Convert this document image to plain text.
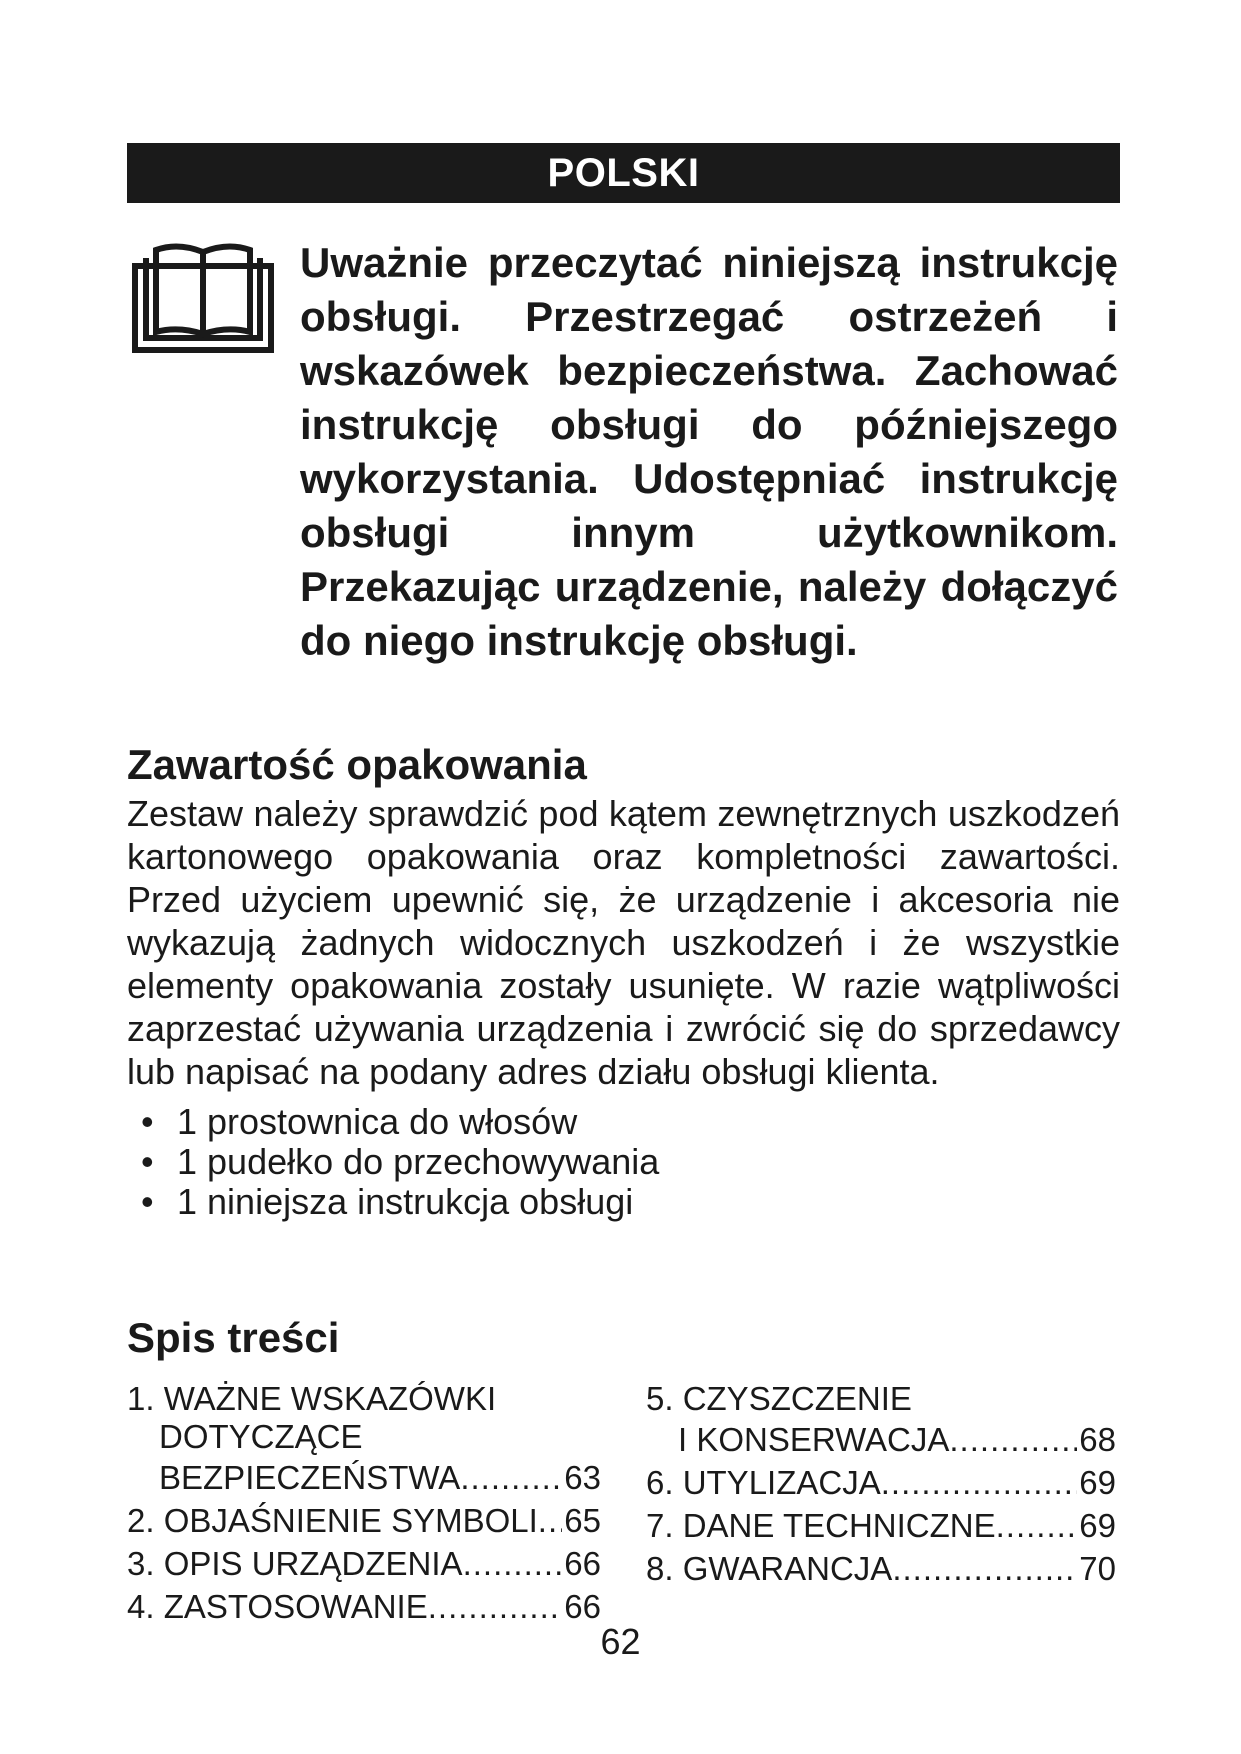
POLSKI

Uważnie przeczytać niniejszą instrukcję obsługi. Przestrzegać ostrzeżeń i wskazówek bezpieczeństwa. Zachować instrukcję obsługi do późniejszego wykorzystania. Udostępniać instrukcję obsługi innym użytkownikom. Przekazując urządzenie, należy dołączyć do niego instrukcję obsługi.

Zawartość opakowania

Zestaw należy sprawdzić pod kątem zewnętrznych uszkodzeń kartonowego opakowania oraz kompletności zawartości. Przed użyciem upewnić się, że urządzenie i akcesoria nie wykazują żadnych widocznych uszkodzeń i że wszystkie elementy opakowania zostały usunięte. W razie wątpliwości zaprzestać używania urządzenia i zwrócić się do sprzedawcy lub napisać na podany adres działu obsługi klienta.

• 1 prostownica do włosów
• 1 pudełko do przechowywania
• 1 niniejsza instrukcja obsługi
Spis treści
1. WAŻNE WSKAZÓWKI
DOTYCZĄCE
BEZPIECZEŃSTWA .....	63
2. OBJAŚNIENIE SYMBOLI ..... 65
3. OPIS URZĄDZENIA .....	66
4. ZASTOSOWANIE .....	66
5. CZYSZCZENIE
I KONSERWACJA .....	68
6. UTYLIZACJA .....	69
7. DANE TECHNICZNE .....	69
8. GWARANCJA .....	70
62
